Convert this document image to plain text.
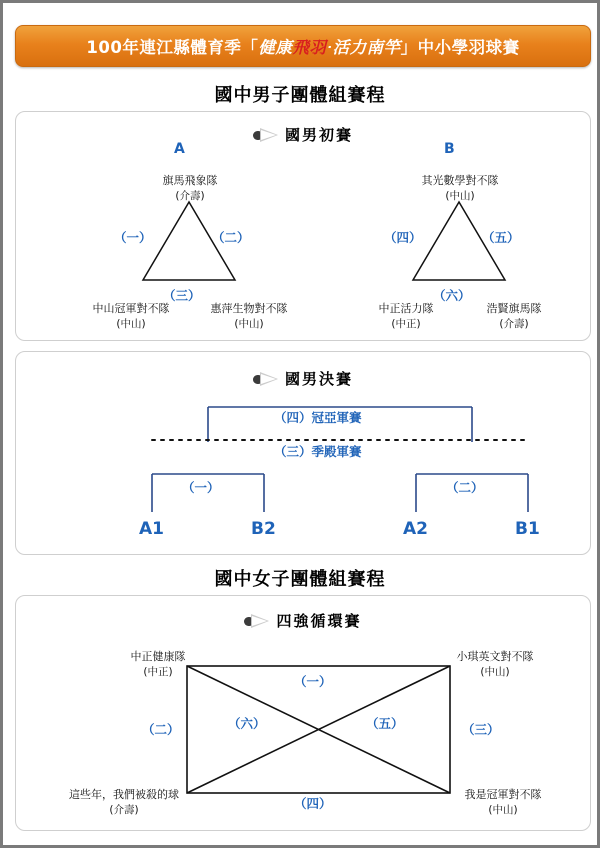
100年連江縣體育季「健康飛羽‧活力南竿」中小學羽球賽
國中男子團體組賽程
國男初賽
A	B
旗馬飛象隊
(介壽)
中山冠軍對不隊
(中山)
惠萍生物對不隊
(中山)
（一）	（二）
（三）
其光數學對不隊
(中山)
中正活力隊
(中正)
浩賢旗馬隊
(介壽)
（四）	（五）
（六）
國男決賽
（四）冠亞軍賽
（三）季殿軍賽
（一）	（二）
A1	B2	A2	B1
國中女子團體組賽程
四強循環賽
中正健康隊
(中正)
小琪英文對不隊
(中山)
這些年，我們被殺的球
(介壽)
我是冠軍對不隊
(中山)
（一）
（二）	（三）
（四）
（六）	（五）
